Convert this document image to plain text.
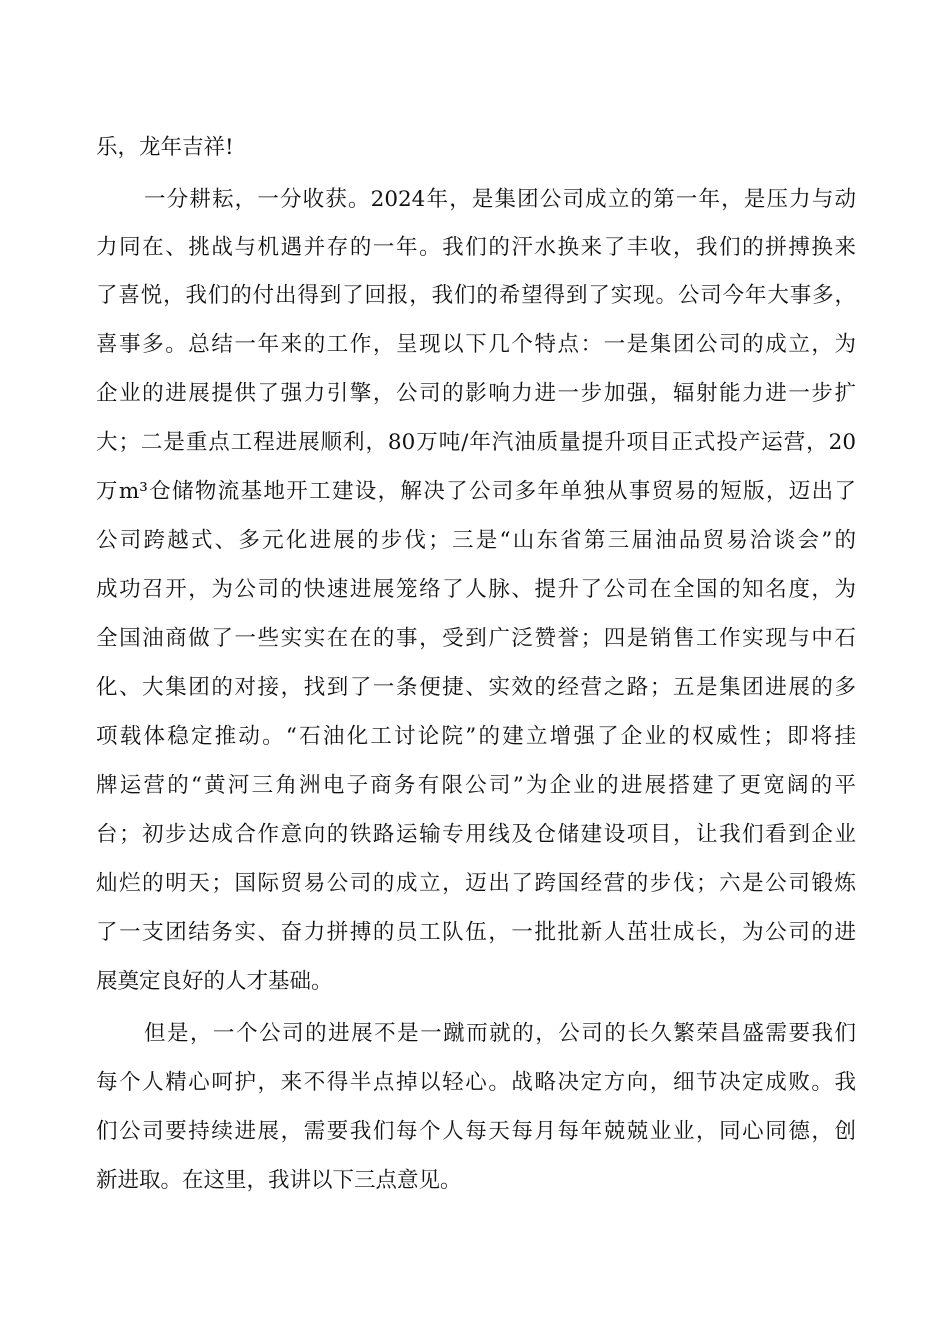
乐，龙年吉祥!
一分耕耘，一分收获。2024年，是集团公司成立的第一年，是压力与动
力同在、挑战与机遇并存的一年。我们的汗水换来了丰收，我们的拼搏换来
了喜悦，我们的付出得到了回报，我们的希望得到了实现。公司今年大事多，
喜事多。总结一年来的工作，呈现以下几个特点：一是集团公司的成立，为
企业的进展提供了强力引擎，公司的影响力进一步加强，辐射能力进一步扩
大；二是重点工程进展顺利，80万吨/年汽油质量提升项目正式投产运营，20
万m³仓储物流基地开工建设，解决了公司多年单独从事贸易的短版，迈出了
公司跨越式、多元化进展的步伐；三是“山东省第三届油品贸易洽谈会”的
成功召开，为公司的快速进展笼络了人脉、提升了公司在全国的知名度，为
全国油商做了一些实实在在的事，受到广泛赞誉；四是销售工作实现与中石
化、大集团的对接，找到了一条便捷、实效的经营之路；五是集团进展的多
项载体稳定推动。“石油化工讨论院”的建立增强了企业的权威性；即将挂
牌运营的“黄河三角洲电子商务有限公司”为企业的进展搭建了更宽阔的平
台；初步达成合作意向的铁路运输专用线及仓储建设项目，让我们看到企业
灿烂的明天；国际贸易公司的成立，迈出了跨国经营的步伐；六是公司锻炼
了一支团结务实、奋力拼搏的员工队伍，一批批新人茁壮成长，为公司的进
展奠定良好的人才基础。
但是，一个公司的进展不是一蹴而就的，公司的长久繁荣昌盛需要我们
每个人精心呵护，来不得半点掉以轻心。战略决定方向，细节决定成败。我
们公司要持续进展，需要我们每个人每天每月每年兢兢业业，同心同德，创
新进取。在这里，我讲以下三点意见。
